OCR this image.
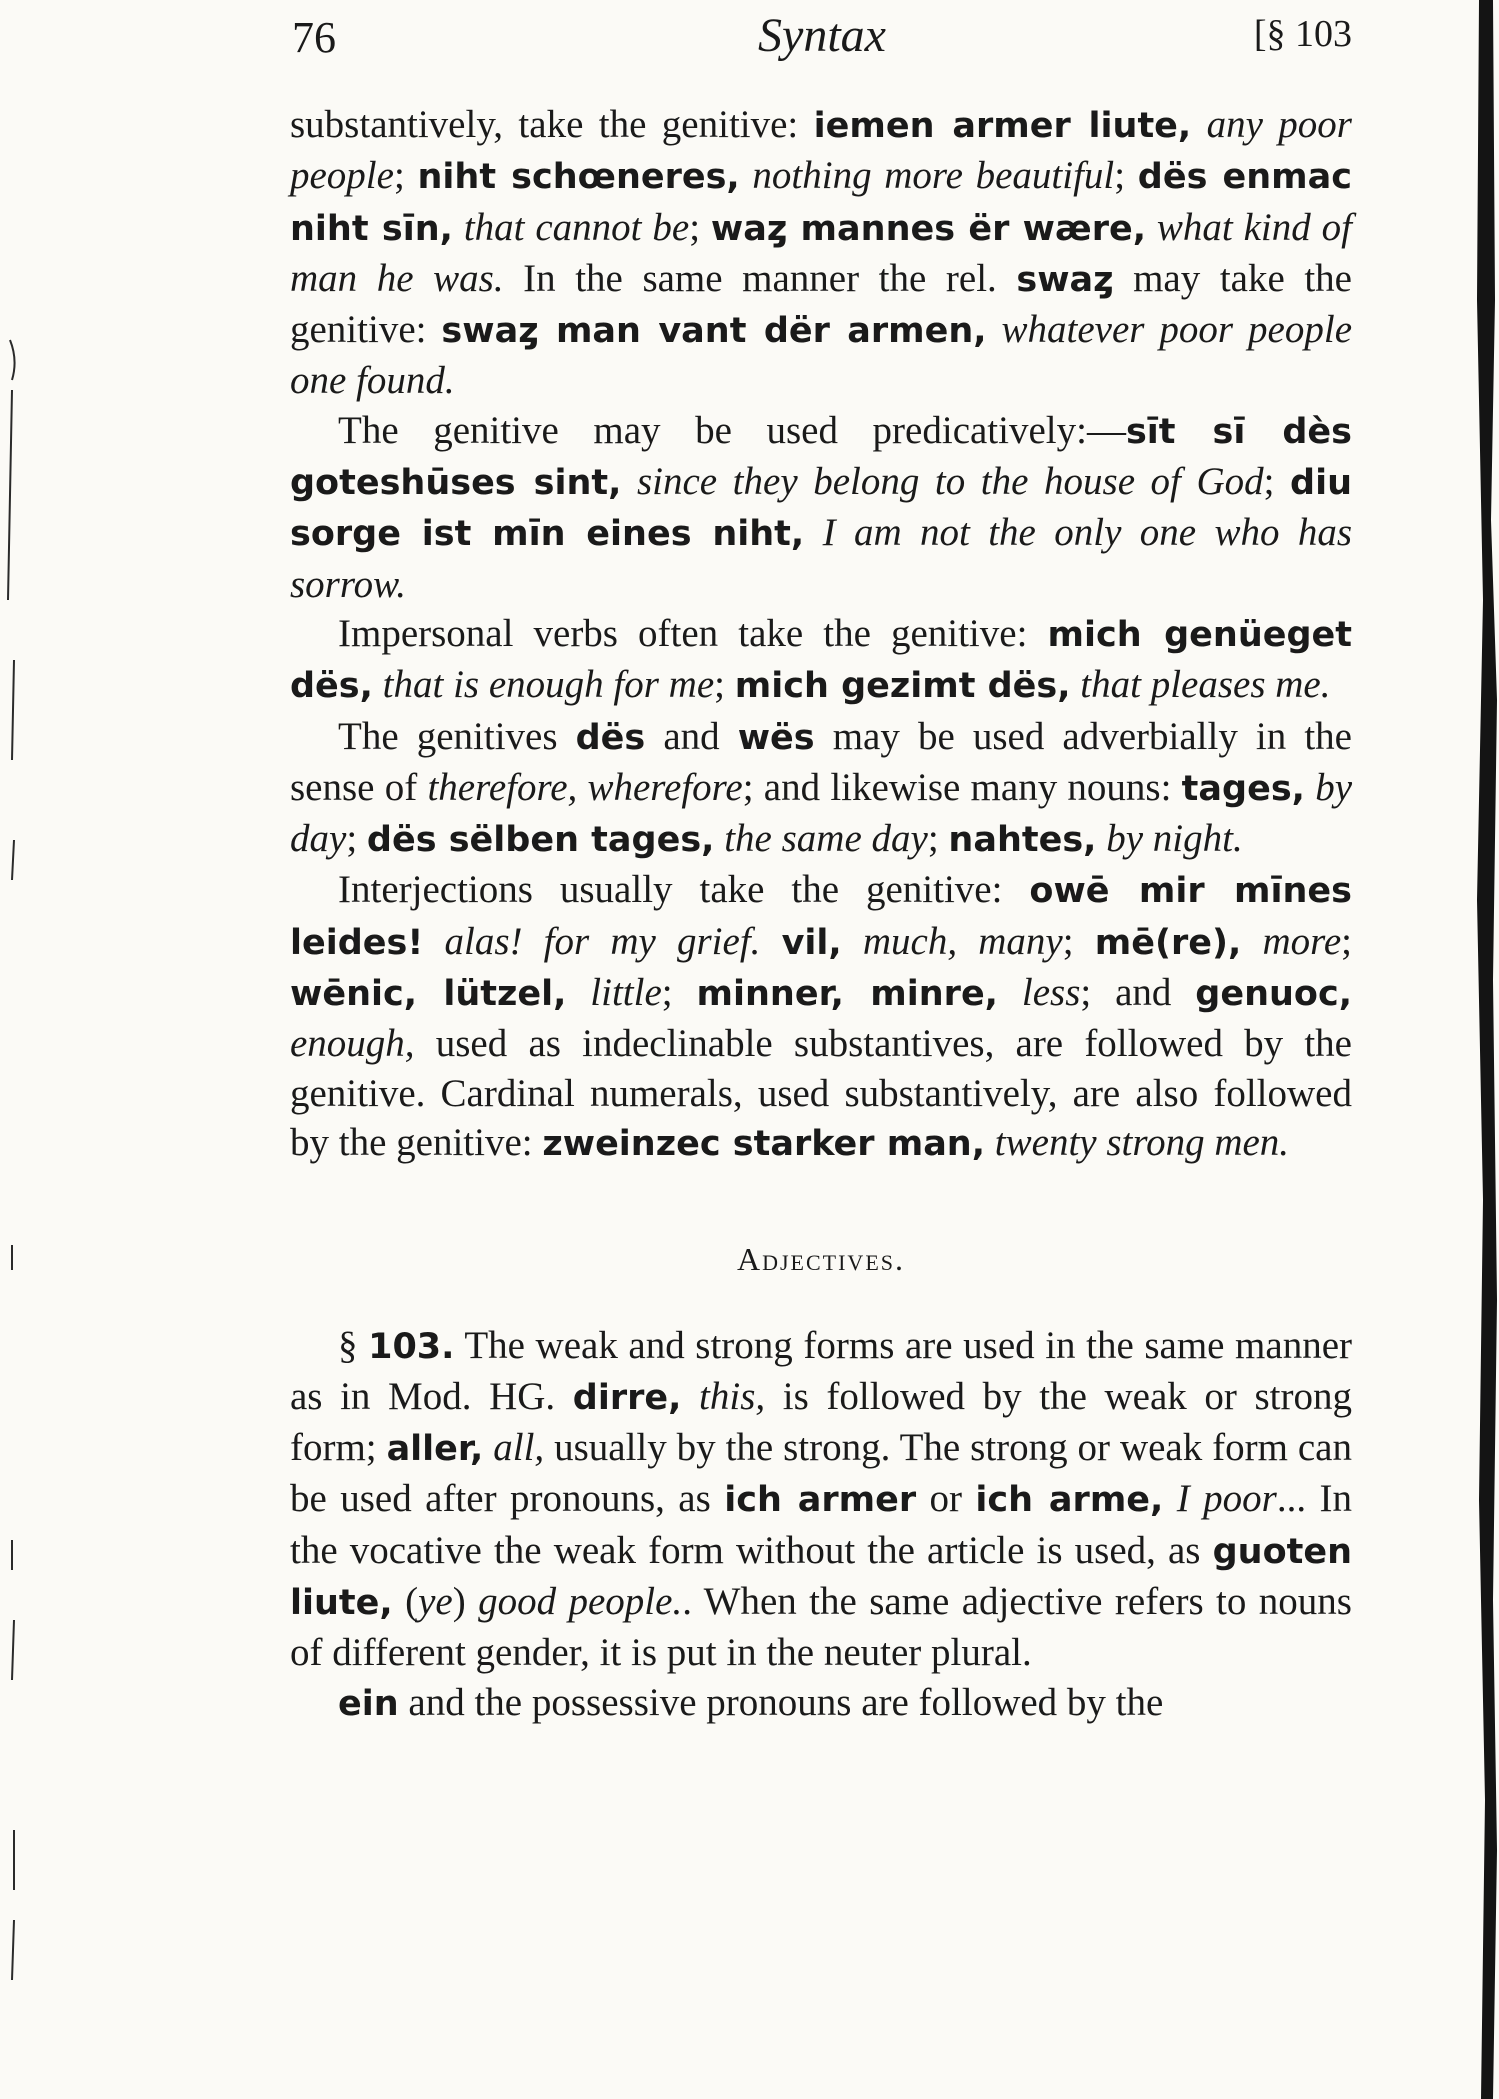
76	Syntax	[§ 103

substantively, take the genitive: iemen armer liute, any poor people; niht schœneres, nothing more beautiful; dës enmac niht sīn, that cannot be; waȥ mannes ër wære, what kind of man he was. In the same manner the rel. swaȥ may take the genitive: swaȥ man vant dër armen, whatever poor people one found.

The genitive may be used predicatively:—sīt sī dès goteshūses sint, since they belong to the house of God; diu sorge ist mīn eines niht, I am not the only one who has sorrow.

Impersonal verbs often take the genitive: mich genüeget dës, that is enough for me; mich gezimt dës, that pleases me.

The genitives dës and wës may be used adverbially in the sense of therefore, wherefore; and likewise many nouns: tages, by day; dës sëlben tages, the same day; nahtes, by night.

Interjections usually take the genitive: owē mir mīnes leides! alas! for my grief. vil, much, many; mē(re), more; wēnic, lützel, little; minner, minre, less; and genuoc, enough, used as indeclinable substantives, are followed by the genitive. Cardinal numerals, used substantively, are also followed by the genitive: zweinzec starker man, twenty strong men.

Adjectives.

§ 103. The weak and strong forms are used in the same manner as in Mod. HG. dirre, this, is followed by the weak or strong form; aller, all, usually by the strong. The strong or weak form can be used after pronouns, as ich armer or ich arme, I poor... In the vocative the weak form without the article is used, as guoten liute, (ye) good people.. When the same adjective refers to nouns of different gender, it is put in the neuter plural.

ein and the possessive pronouns are followed by the
